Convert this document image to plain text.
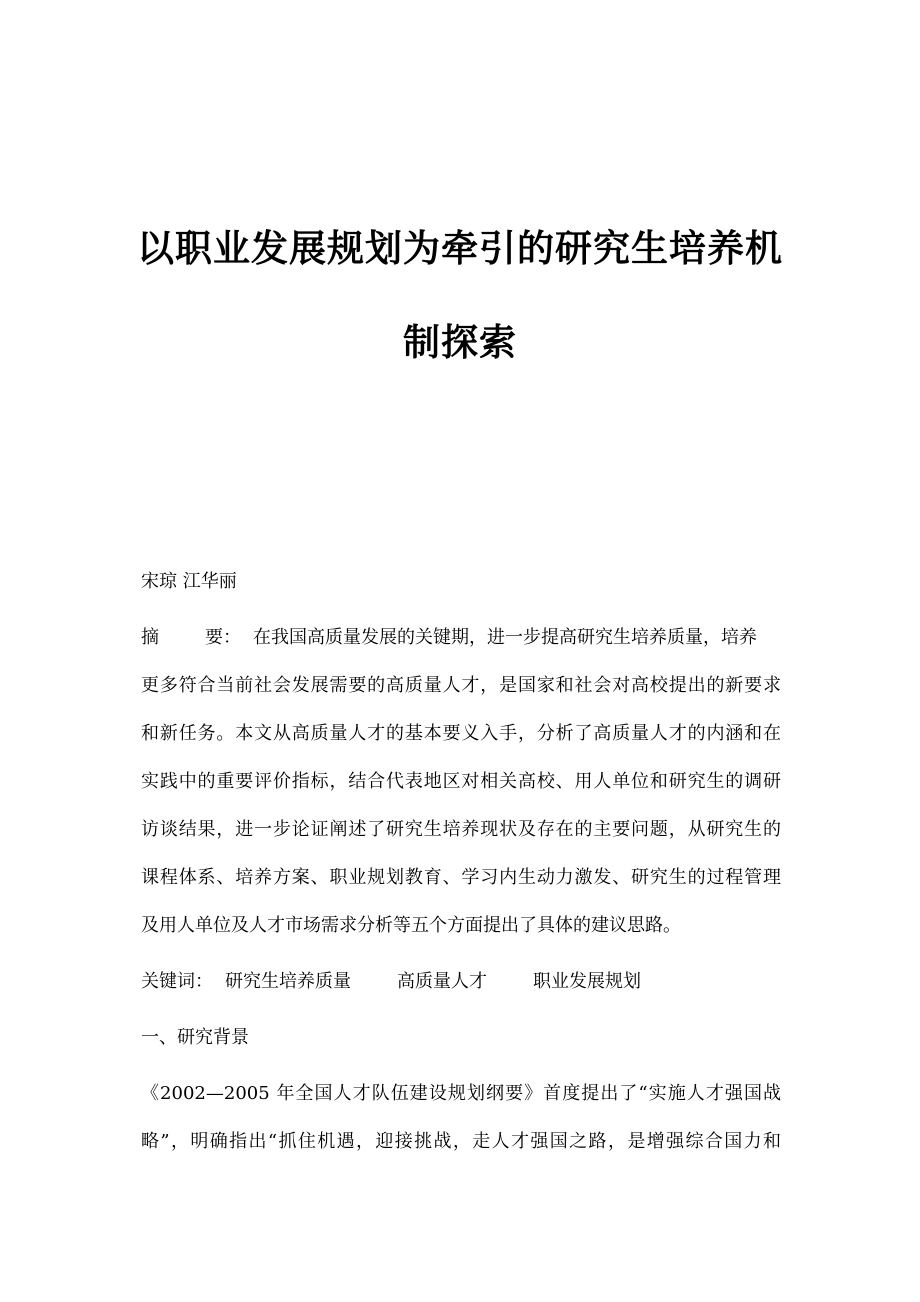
以职业发展规划为牵引的研究生培养机
制探索
宋琼 江华丽
摘	要： 在我国高质量发展的关键期，进一步提高研究生培养质量，培养
更多符合当前社会发展需要的高质量人才，是国家和社会对高校提出的新要求
和新任务。本文从高质量人才的基本要义入手，分析了高质量人才的内涵和在
实践中的重要评价指标，结合代表地区对相关高校、用人单位和研究生的调研
访谈结果，进一步论证阐述了研究生培养现状及存在的主要问题，从研究生的
课程体系、培养方案、职业规划教育、学习内生动力激发、研究生的过程管理
及用人单位及人才市场需求分析等五个方面提出了具体的建议思路。
关键词： 研究生培养质量	高质量人才	职业发展规划
一、研究背景
《2002—2005 年全国人才队伍建设规划纲要》首度提出了“实施人才强国战
略”，明确指出“抓住机遇，迎接挑战，走人才强国之路，是增强综合国力和
